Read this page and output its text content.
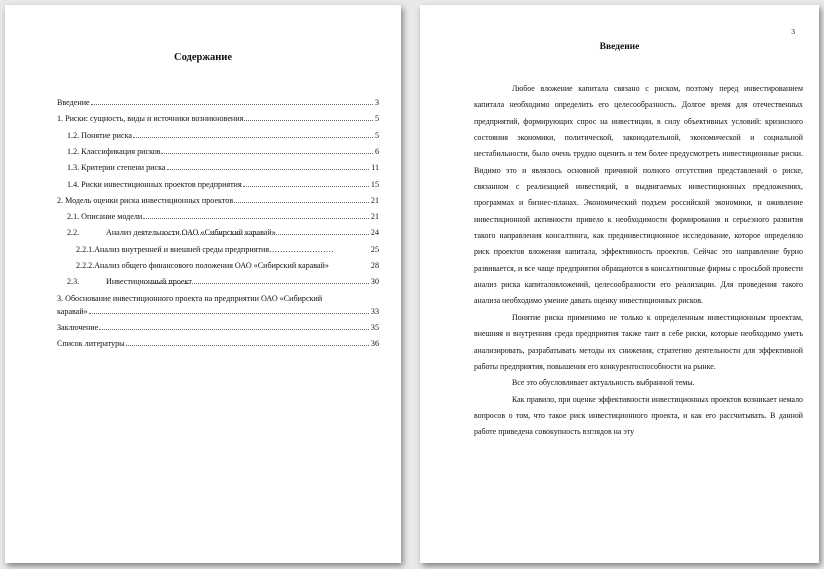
Содержание
Введение	3
1. Риски: сущность, виды и источники возникновения	5
1.2. Понятие риска	5
1.2. Классификация рисков	6
1.3. Критерии степени риска	11
1.4. Риски инвестиционных проектов предприятия	15
2. Модель оценки риска инвестиционных проектов	21
2.1. Описание модели	21
2.2.	Анализ деятельности ОАО «Сибирский каравай»	24
2.2.1.Анализ внутренней и внешней среды предприятия……………………	25
2.2.2.Анализ общего финансового положения ОАО «Сибирский каравай»	28
2.3.	Инвестиционный проект	30
3. Обоснование инвестиционного проекта на предприятии ОАО «Сибирский
каравай»	33
Заключение	35
Список литературы	36
3
Введение

Любое вложение капитала связано с риском, поэтому перед инвестированием капитала необходимо определить его целесообразность. Долгое время для отечественных предприятий, формирующих спрос на инвестиции, в силу объективных условий: кризисного состояния экономики, политической, законодательной, экономической и социальной нестабильности, было очень трудно оценить и тем более предусмотреть инвестиционные риски. Видимо это и являлось основной причиной полного отсутствия представлений о риске, связанном с реализацией инвестиций, в выдвигаемых инвестиционных предложениях, программах и бизнес-планах. Экономический подъем российской экономики, и оживление инвестиционной активности привело к необходимости формирования и серьезного развития такого направления консалтинга, как прединвестиционное исследование, которое определяло риск проектов вложения капитала, эффективность проектов. Сейчас это направление бурно развивается, и все чаще предприятия обращаются в консалтинговые фирмы с просьбой провести анализ риска капиталовложений, целесообразности его реализации. Для проведения такого анализа необходимо умение давать оценку инвестиционных рисков.

Понятие риска применимо не только к определенным инвестиционным проектам, внешняя и внутренняя среда предприятия также таит в себе риски, которые необходимо уметь анализировать, разрабатывать методы их снижения, стратегию деятельности для эффективной работы предприятия, повышения его конкурентоспособности на рынке.

Все это обусловливает актуальность выбранной темы.

Как правило, при оценке эффективности инвестиционных проектов возникает немало вопросов о том, что такое риск инвестиционного проекта, и как его рассчитывать. В данной работе приведена совокупность взглядов на эту
